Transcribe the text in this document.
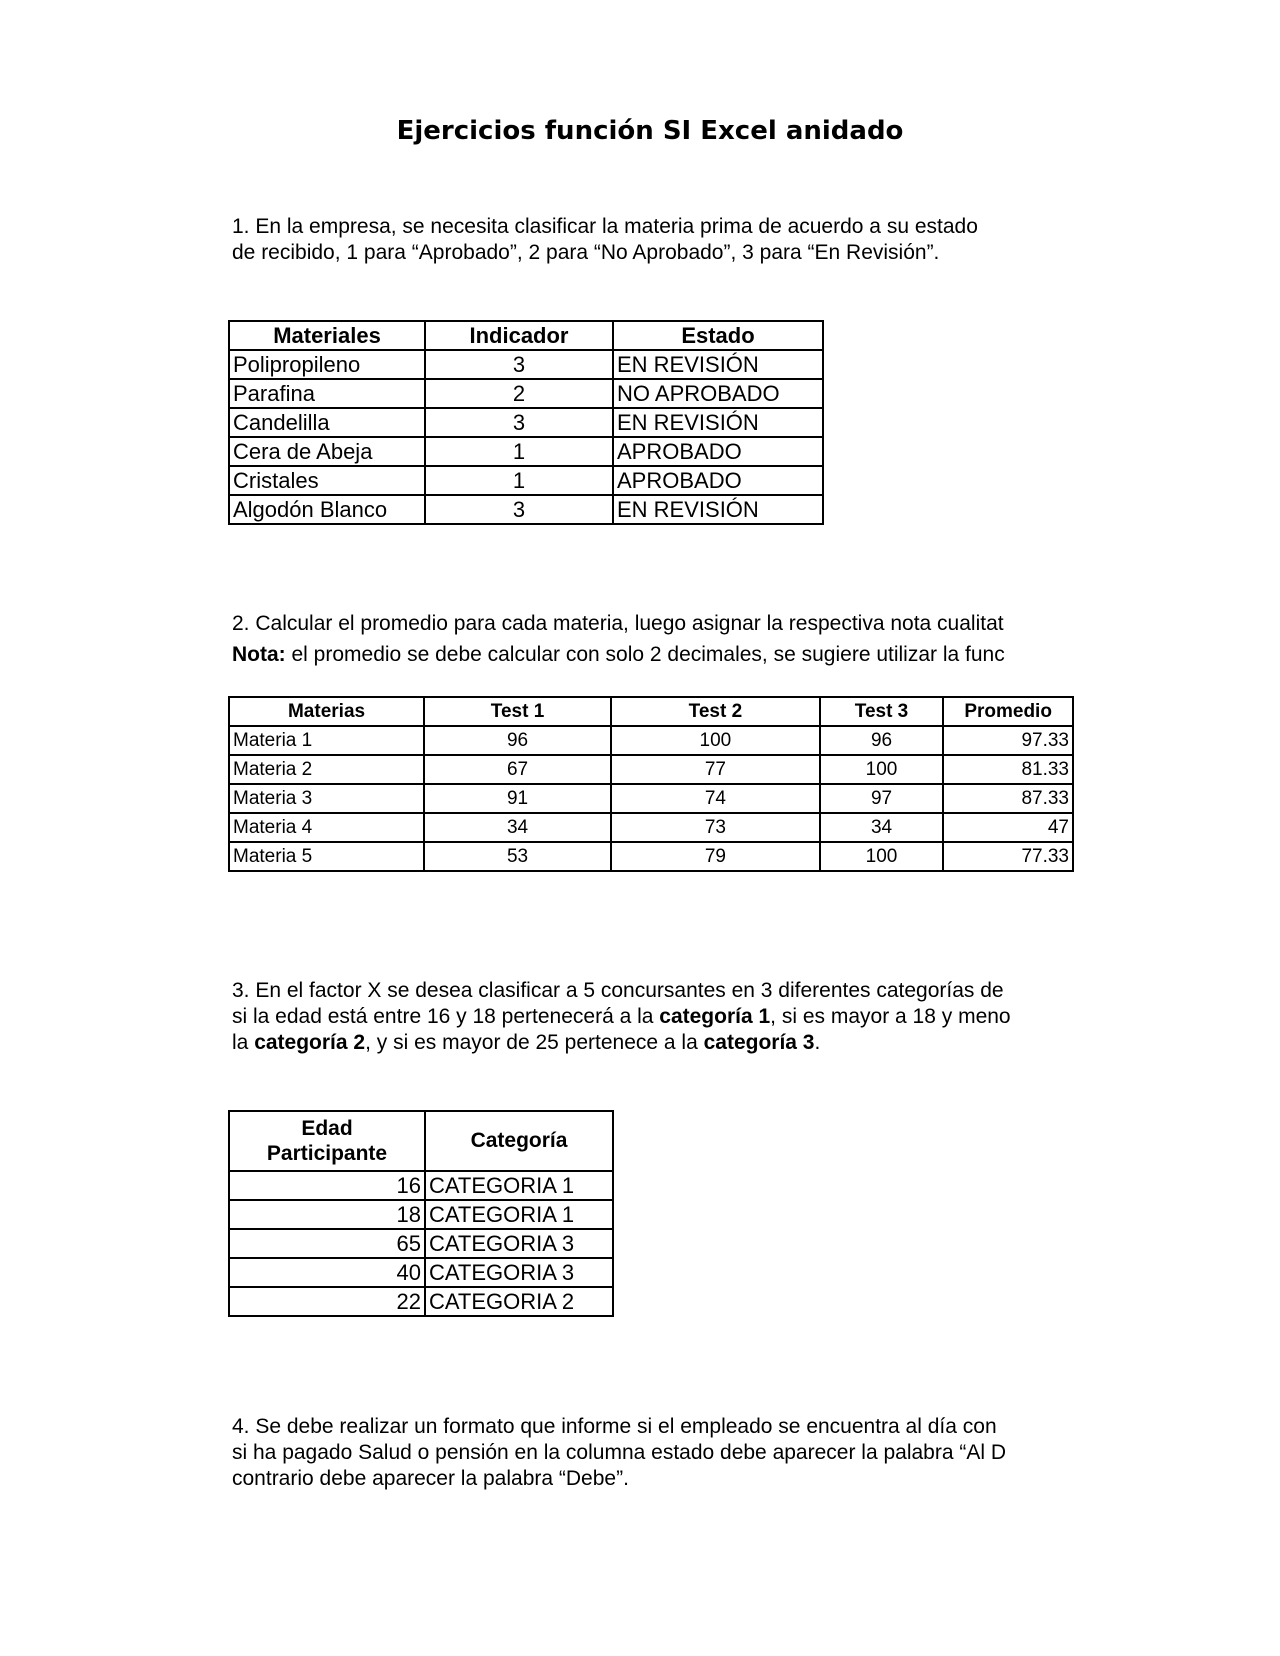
Ejercicios función SI Excel anidado
1. En la empresa, se necesita clasificar la materia prima de acuerdo a su estado
de recibido, 1 para “Aprobado”, 2 para “No Aprobado”, 3 para “En Revisión”.
Materiales	Indicador	Estado
Polipropileno	3	EN REVISIÓN
Parafina	2	NO APROBADO
Candelilla	3	EN REVISIÓN
Cera de Abeja	1	APROBADO
Cristales	1	APROBADO
Algodón Blanco	3	EN REVISIÓN
2. Calcular el promedio para cada materia, luego asignar la respectiva nota cualitat
Nota: el promedio se debe calcular con solo 2 decimales, se sugiere utilizar la func
Materias	Test 1	Test 2	Test 3	Promedio
Materia 1	96	100	96	97.33
Materia 2	67	77	100	81.33
Materia 3	91	74	97	87.33
Materia 4	34	73	34	47
Materia 5	53	79	100	77.33
3. En el factor X se desea clasificar a 5 concursantes en 3 diferentes categorías de
si la edad está entre 16 y 18 pertenecerá a la categoría 1, si es mayor a 18 y meno
la categoría 2, y si es mayor de 25 pertenece a la categoría 3.
Edad
Participante	Categoría
16	CATEGORIA 1
18	CATEGORIA 1
65	CATEGORIA 3
40	CATEGORIA 3
22	CATEGORIA 2
4. Se debe realizar un formato que informe si el empleado se encuentra al día con
si ha pagado Salud o pensión en la columna estado debe aparecer la palabra “Al D
contrario debe aparecer la palabra “Debe”.
